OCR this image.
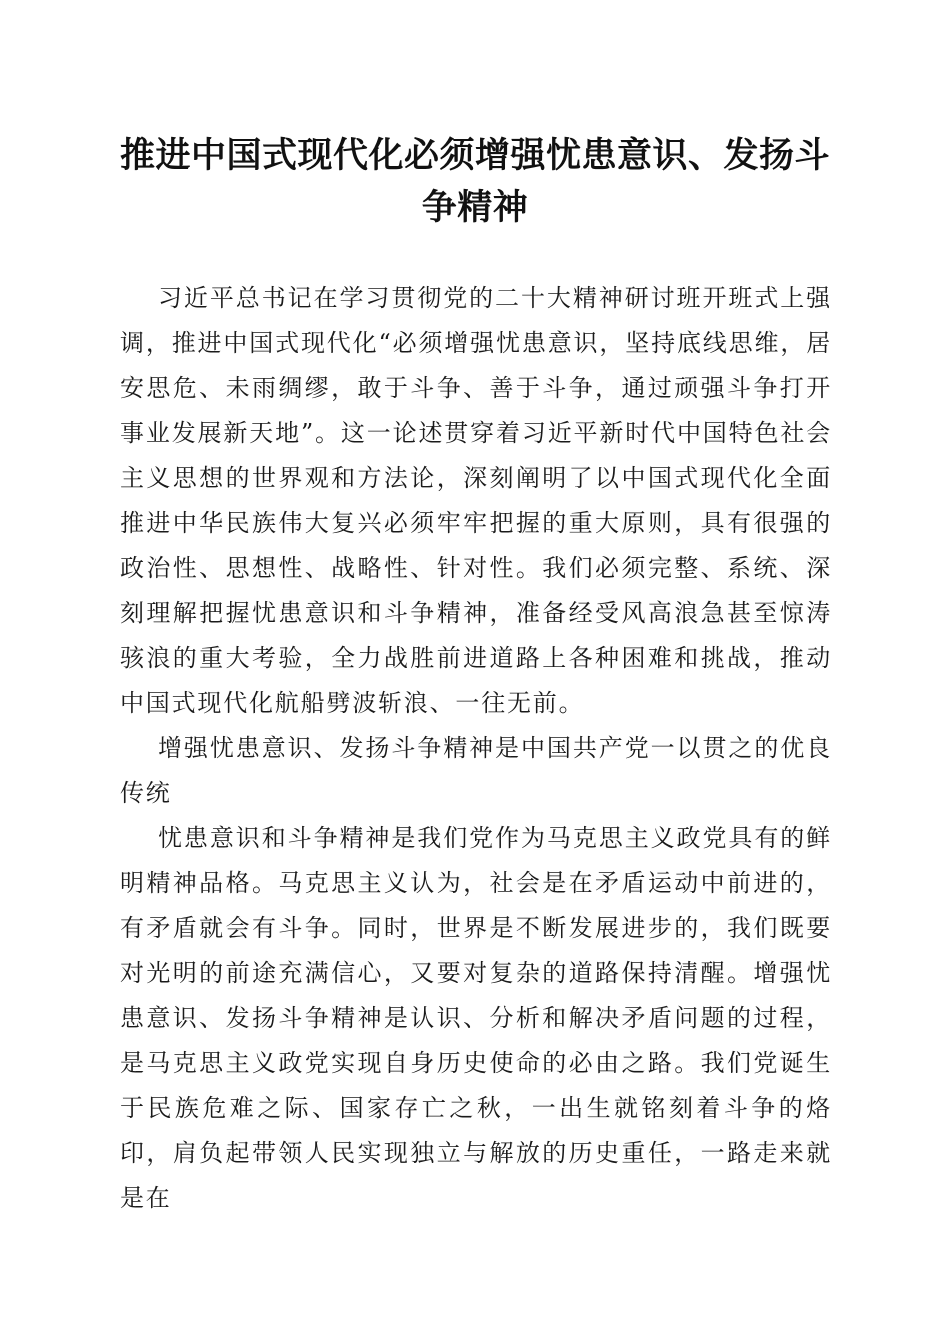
推进中国式现代化必须增强忧患意识、发扬斗争精神

习近平总书记在学习贯彻党的二十大精神研讨班开班式上强调，推进中国式现代化“必须增强忧患意识，坚持底线思维，居安思危、未雨绸缪，敢于斗争、善于斗争，通过顽强斗争打开事业发展新天地”。这一论述贯穿着习近平新时代中国特色社会主义思想的世界观和方法论，深刻阐明了以中国式现代化全面推进中华民族伟大复兴必须牢牢把握的重大原则，具有很强的政治性、思想性、战略性、针对性。我们必须完整、系统、深刻理解把握忧患意识和斗争精神，准备经受风高浪急甚至惊涛骇浪的重大考验，全力战胜前进道路上各种困难和挑战，推动中国式现代化航船劈波斩浪、一往无前。

增强忧患意识、发扬斗争精神是中国共产党一以贯之的优良传统

忧患意识和斗争精神是我们党作为马克思主义政党具有的鲜明精神品格。马克思主义认为，社会是在矛盾运动中前进的，有矛盾就会有斗争。同时，世界是不断发展进步的，我们既要对光明的前途充满信心，又要对复杂的道路保持清醒。增强忧患意识、发扬斗争精神是认识、分析和解决矛盾问题的过程，是马克思主义政党实现自身历史使命的必由之路。我们党诞生于民族危难之际、国家存亡之秋，一出生就铭刻着斗争的烙印，肩负起带领人民实现独立与解放的历史重任，一路走来就是在
